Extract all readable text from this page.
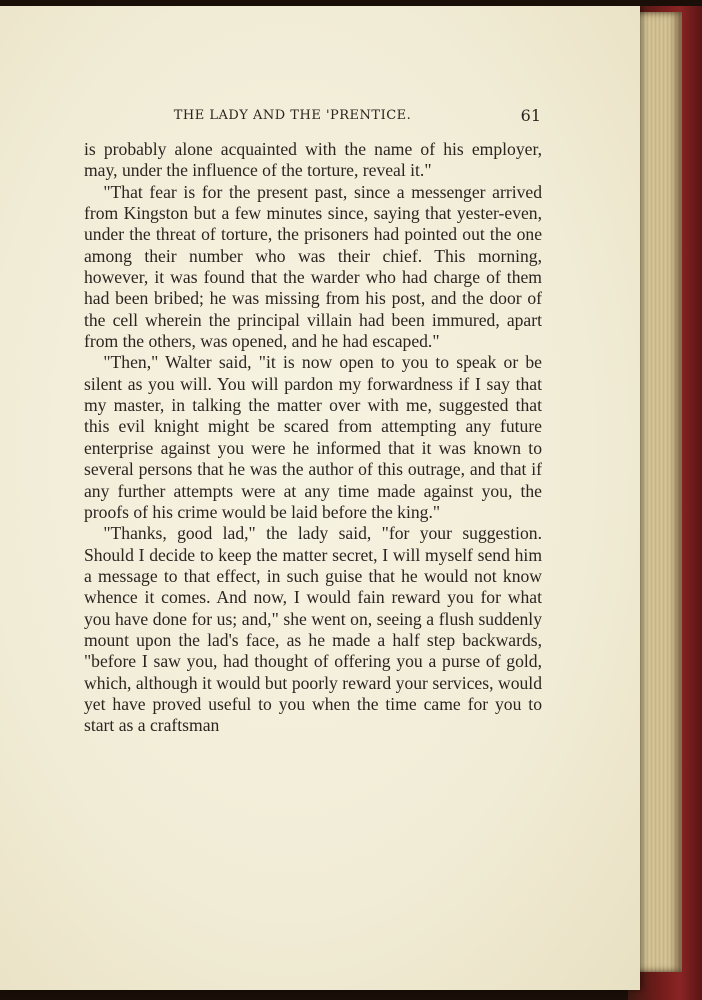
THE LADY AND THE 'PRENTICE.	61

is probably alone acquainted with the name of his employer, may, under the influence of the torture, reveal it."

"That fear is for the present past, since a messenger arrived from Kingston but a few minutes since, saying that yester-even, under the threat of torture, the prisoners had pointed out the one among their number who was their chief. This morning, however, it was found that the warder who had charge of them had been bribed; he was missing from his post, and the door of the cell wherein the principal villain had been immured, apart from the others, was opened, and he had escaped."

"Then," Walter said, "it is now open to you to speak or be silent as you will. You will pardon my forwardness if I say that my master, in talking the matter over with me, suggested that this evil knight might be scared from attempting any future enterprise against you were he informed that it was known to several persons that he was the author of this outrage, and that if any further attempts were at any time made against you, the proofs of his crime would be laid before the king."

"Thanks, good lad," the lady said, "for your suggestion. Should I decide to keep the matter secret, I will myself send him a message to that effect, in such guise that he would not know whence it comes. And now, I would fain reward you for what you have done for us; and," she went on, seeing a flush suddenly mount upon the lad's face, as he made a half step backwards, "before I saw you, had thought of offering you a purse of gold, which, although it would but poorly reward your services, would yet have proved useful to you when the time came for you to start as a craftsman
